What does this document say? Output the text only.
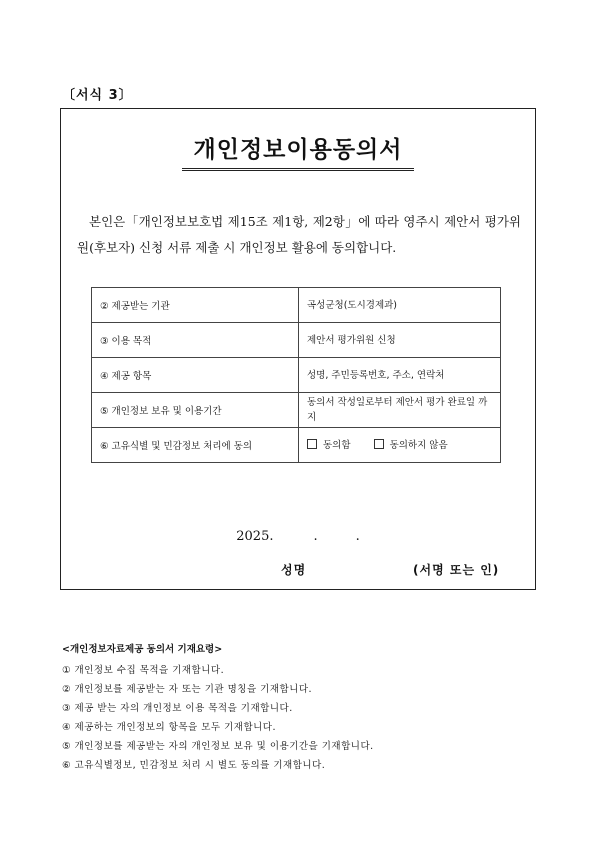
〔서식 3〕
개인정보이용동의서
본인은「개인정보보호법 제15조 제1항, 제2항」에 따라 영주시 제안서 평가위원(후보자) 신청 서류 제출 시 개인정보 활용에 동의합니다.
② 제공받는 기관	곡성군청(도시경제과)
③ 이용 목적	제안서 평가위원 신청
④ 제공 항목	성명, 주민등록번호, 주소, 연락처
⑤ 개인정보 보유 및 이용기간	동의서 작성일로부터 제안서 평가 완료일 까지
⑥ 고유식별 및 민감정보 처리에 동의	동의함 동의하지 않음
2025.	.	.
성명	(서명 또는 인)
<개인정보자료제공 동의서 기재요령>
① 개인정보 수집 목적을 기재합니다.
② 개인정보를 제공받는 자 또는 기관 명칭을 기재합니다.
③ 제공 받는 자의 개인정보 이용 목적을 기재합니다.
④ 제공하는 개인정보의 항목을 모두 기재합니다.
⑤ 개인정보를 제공받는 자의 개인정보 보유 및 이용기간을 기재합니다.
⑥ 고유식별정보, 민감정보 처리 시 별도 동의를 기재합니다.
